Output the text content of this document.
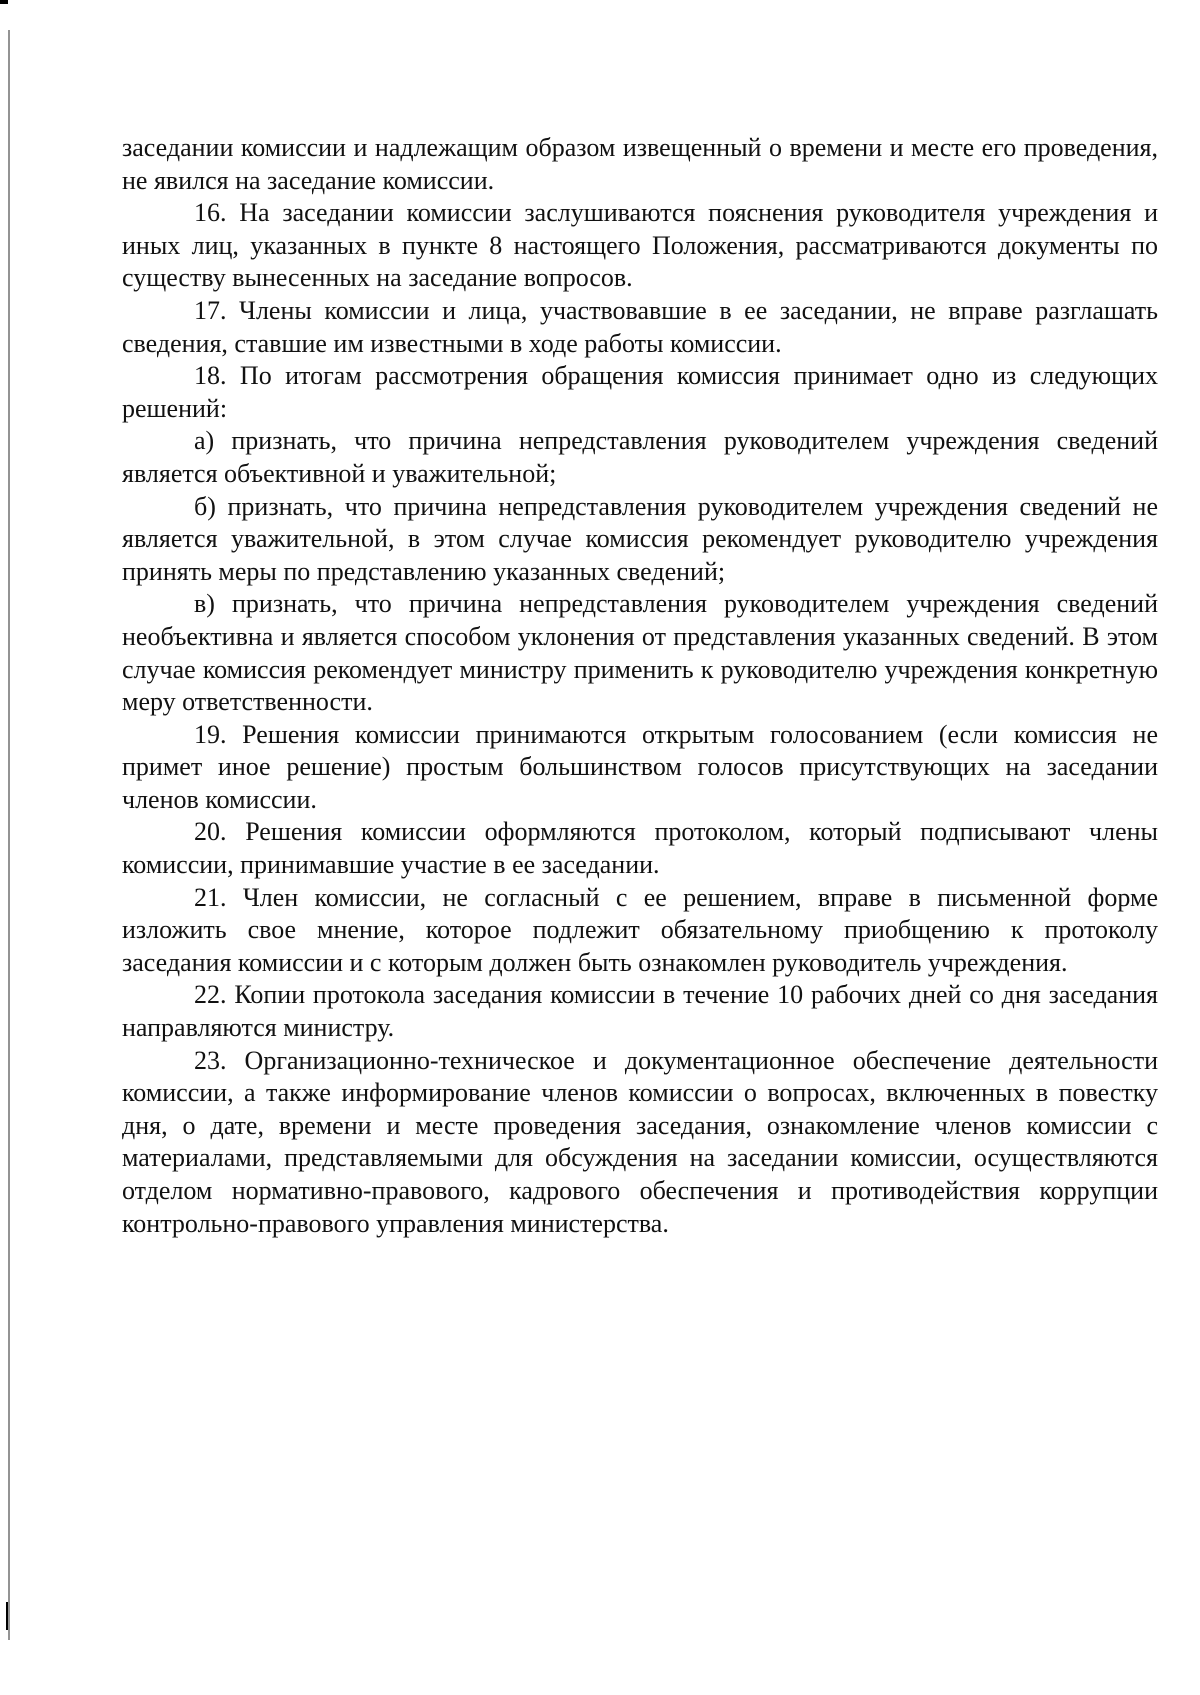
заседании комиссии и надлежащим образом извещенный о времени и месте его проведения, не явился на заседание комиссии.

16. На заседании комиссии заслушиваются пояснения руководителя учреждения и иных лиц, указанных в пункте 8 настоящего Положения, рассматриваются документы по существу вынесенных на заседание вопросов.

17. Члены комиссии и лица, участвовавшие в ее заседании, не вправе разглашать сведения, ставшие им известными в ходе работы комиссии.

18. По итогам рассмотрения обращения комиссия принимает одно из следующих решений:

а) признать, что причина непредставления руководителем учреждения сведений является объективной и уважительной;

б) признать, что причина непредставления руководителем учреждения сведений не является уважительной, в этом случае комиссия рекомендует руководителю учреждения принять меры по представлению указанных сведений;

в) признать, что причина непредставления руководителем учреждения сведений необъективна и является способом уклонения от представления указанных сведений. В этом случае комиссия рекомендует министру применить к руководителю учреждения конкретную меру ответственности.

19. Решения комиссии принимаются открытым голосованием (если комиссия не примет иное решение) простым большинством голосов присутствующих на заседании членов комиссии.

20. Решения комиссии оформляются протоколом, который подписывают члены комиссии, принимавшие участие в ее заседании.

21. Член комиссии, не согласный с ее решением, вправе в письменной форме изложить свое мнение, которое подлежит обязательному приобщению к протоколу заседания комиссии и с которым должен быть ознакомлен руководитель учреждения.

22. Копии протокола заседания комиссии в течение 10 рабочих дней со дня заседания направляются министру.

23. Организационно-техническое и документационное обеспечение деятельности комиссии, а также информирование членов комиссии о вопросах, включенных в повестку дня, о дате, времени и месте проведения заседания, ознакомление членов комиссии с материалами, представляемыми для обсуждения на заседании комиссии, осуществляются отделом нормативно-правового, кадрового обеспечения и противодействия коррупции контрольно-правового управления министерства.
